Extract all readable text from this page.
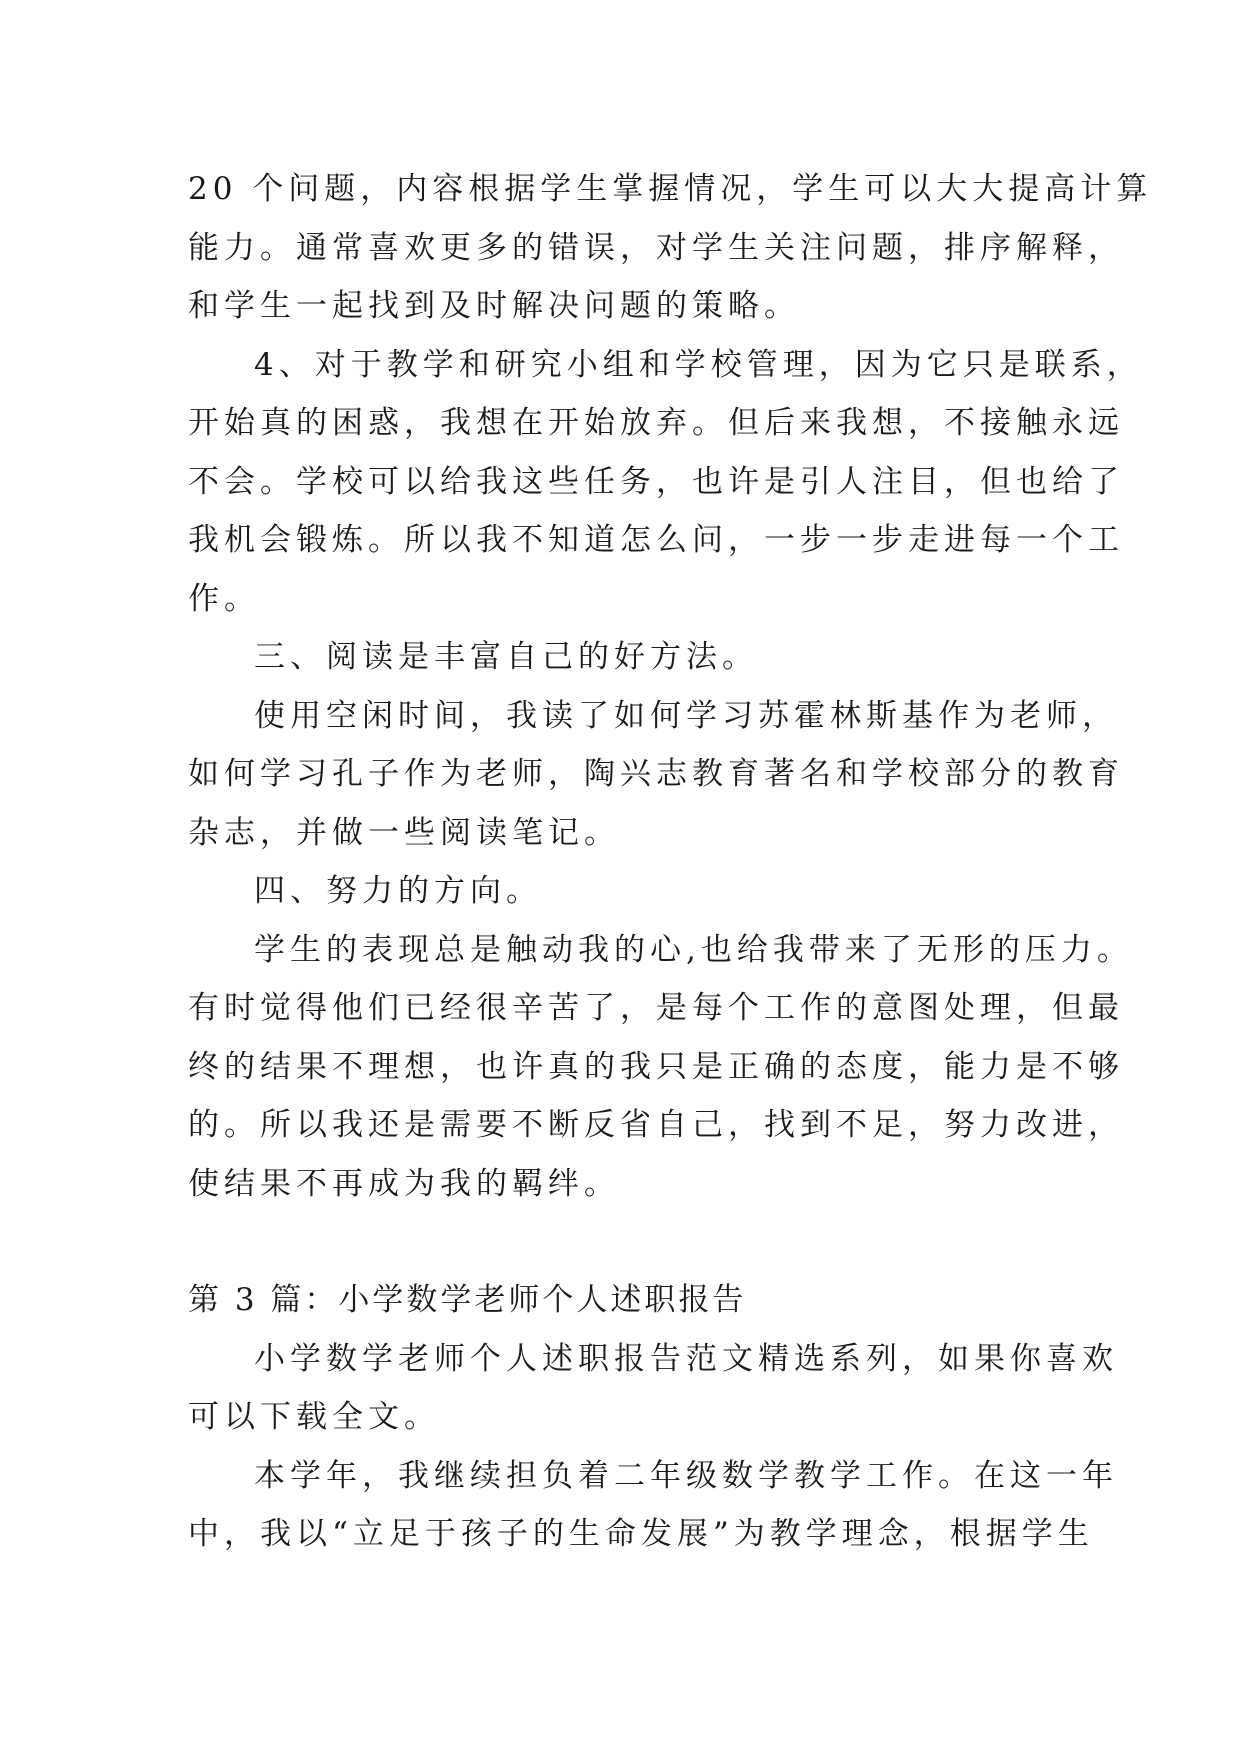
20 个问题，内容根据学生掌握情况，学生可以大大提高计算
能力。通常喜欢更多的错误，对学生关注问题，排序解释，
和学生一起找到及时解决问题的策略。
4、对于教学和研究小组和学校管理，因为它只是联系，
开始真的困惑，我想在开始放弃。但后来我想，不接触永远
不会。学校可以给我这些任务，也许是引人注目，但也给了
我机会锻炼。所以我不知道怎么问，一步一步走进每一个工
作。
三、阅读是丰富自己的好方法。
使用空闲时间，我读了如何学习苏霍林斯基作为老师，
如何学习孔子作为老师，陶兴志教育著名和学校部分的教育
杂志，并做一些阅读笔记。
四、努力的方向。
学生的表现总是触动我的心,也给我带来了无形的压力。
有时觉得他们已经很辛苦了，是每个工作的意图处理，但最
终的结果不理想，也许真的我只是正确的态度，能力是不够
的。所以我还是需要不断反省自己，找到不足，努力改进，
使结果不再成为我的羁绊。
第 3 篇：小学数学老师个人述职报告
小学数学老师个人述职报告范文精选系列，如果你喜欢
可以下载全文。
本学年，我继续担负着二年级数学教学工作。在这一年
中，我以“立足于孩子的生命发展”为教学理念，根据学生
